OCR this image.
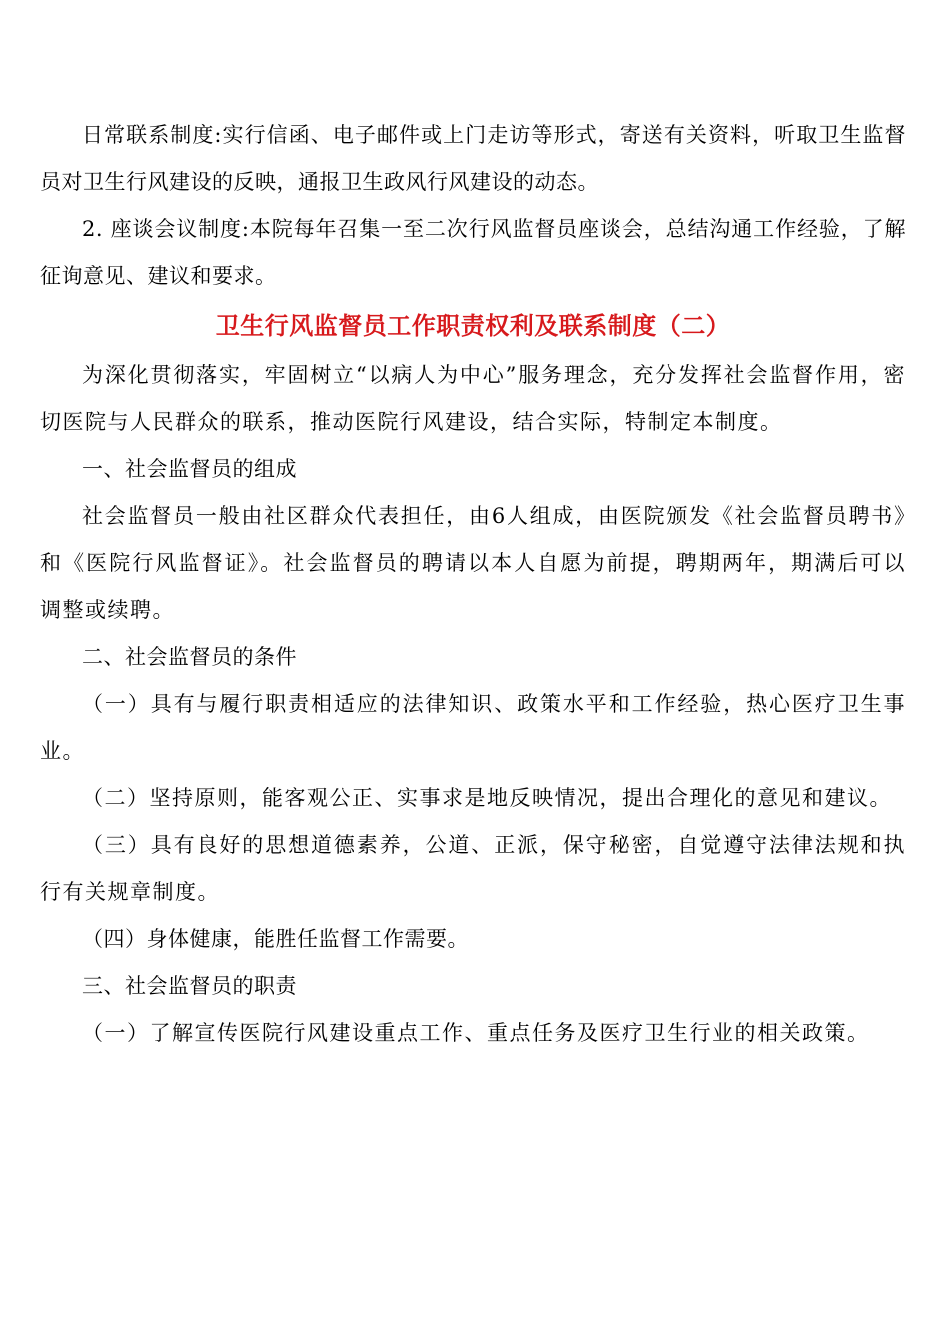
日常联系制度:实行信函、电子邮件或上门走访等形式，寄送有关资料，听取卫生监督员对卫生行风建设的反映，通报卫生政风行风建设的动态。

2. 座谈会议制度:本院每年召集一至二次行风监督员座谈会，总结沟通工作经验，了解征询意见、建议和要求。

卫生行风监督员工作职责权利及联系制度（二）

为深化贯彻落实，牢固树立“以病人为中心”服务理念，充分发挥社会监督作用，密切医院与人民群众的联系，推动医院行风建设，结合实际，特制定本制度。

一、社会监督员的组成

社会监督员一般由社区群众代表担任，由6人组成，由医院颁发《社会监督员聘书》和《医院行风监督证》。社会监督员的聘请以本人自愿为前提，聘期两年，期满后可以调整或续聘。

二、社会监督员的条件

（一）具有与履行职责相适应的法律知识、政策水平和工作经验，热心医疗卫生事业。

（二）坚持原则，能客观公正、实事求是地反映情况，提出合理化的意见和建议。

（三）具有良好的思想道德素养，公道、正派，保守秘密，自觉遵守法律法规和执行有关规章制度。

（四）身体健康，能胜任监督工作需要。

三、社会监督员的职责

（一）了解宣传医院行风建设重点工作、重点任务及医疗卫生行业的相关政策。
